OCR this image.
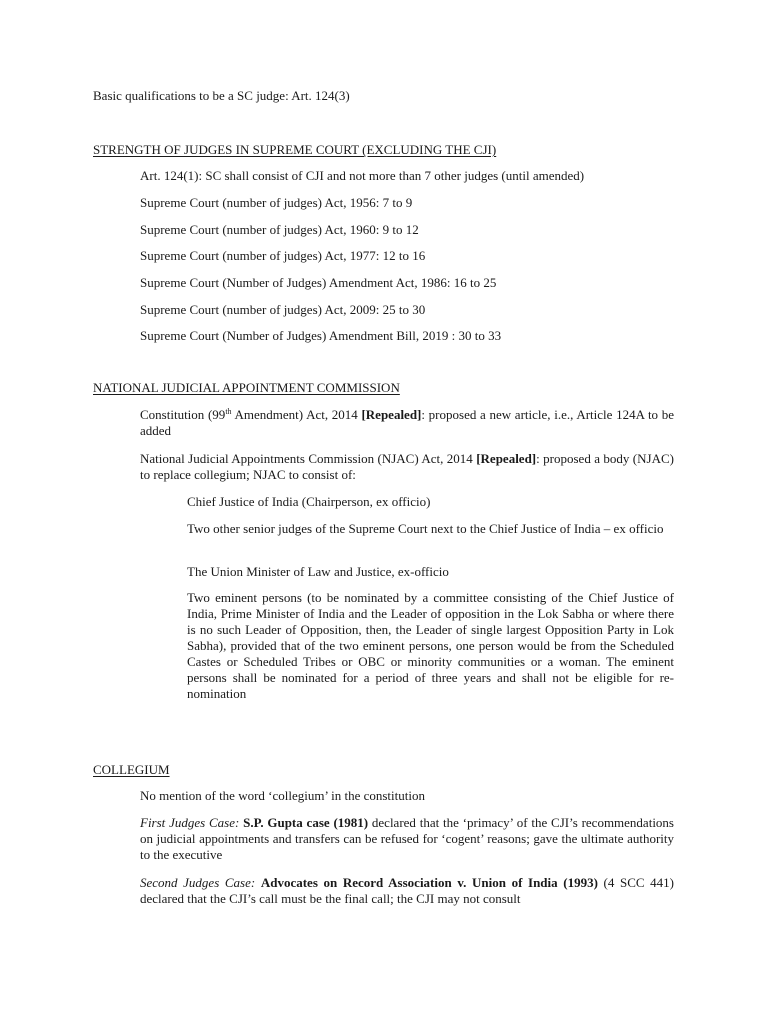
Basic qualifications to be a SC judge: Art. 124(3)
STRENGTH OF JUDGES IN SUPREME COURT (EXCLUDING THE CJI)
Art. 124(1): SC shall consist of CJI and not more than 7 other judges (until amended)
Supreme Court (number of judges) Act, 1956: 7 to 9
Supreme Court (number of judges) Act, 1960: 9 to 12
Supreme Court (number of judges) Act, 1977: 12 to 16
Supreme Court (Number of Judges) Amendment Act, 1986: 16 to 25
Supreme Court (number of judges) Act, 2009: 25 to 30
Supreme Court (Number of Judges) Amendment Bill, 2019 : 30 to 33
NATIONAL JUDICIAL APPOINTMENT COMMISSION
Constitution (99th Amendment) Act, 2014 [Repealed]: proposed a new article, i.e., Article 124A to be added
National Judicial Appointments Commission (NJAC) Act, 2014 [Repealed]: proposed a body (NJAC) to replace collegium; NJAC to consist of:
Chief Justice of India (Chairperson, ex officio)
Two other senior judges of the Supreme Court next to the Chief Justice of India – ex officio
The Union Minister of Law and Justice, ex-officio
Two eminent persons (to be nominated by a committee consisting of the Chief Justice of India, Prime Minister of India and the Leader of opposition in the Lok Sabha or where there is no such Leader of Opposition, then, the Leader of single largest Opposition Party in Lok Sabha), provided that of the two eminent persons, one person would be from the Scheduled Castes or Scheduled Tribes or OBC or minority communities or a woman. The eminent persons shall be nominated for a period of three years and shall not be eligible for re-nomination
COLLEGIUM
No mention of the word ‘collegium’ in the constitution
First Judges Case: S.P. Gupta case (1981) declared that the ‘primacy’ of the CJI’s recommendations on judicial appointments and transfers can be refused for ‘cogent’ reasons; gave the ultimate authority to the executive
Second Judges Case: Advocates on Record Association v. Union of India (1993) (4 SCC 441) declared that the CJI’s call must be the final call; the CJI may not consult
